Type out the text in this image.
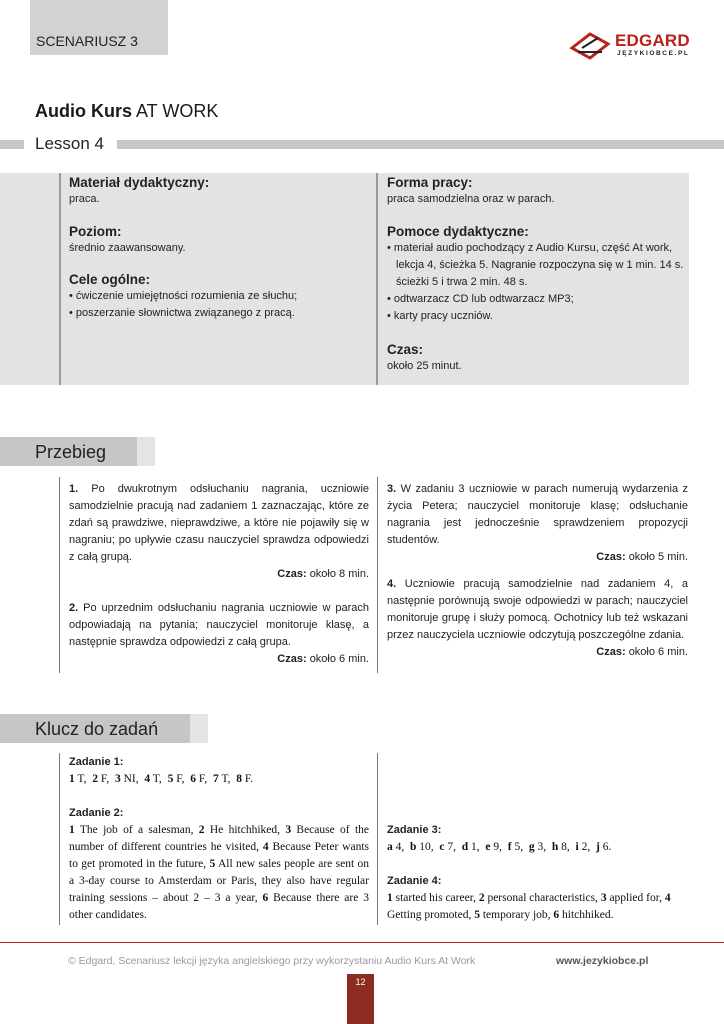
SCENARIUSZ 3	EDGARD
JĘZYKIOBCE.PL
Audio Kurs AT WORK
Lesson 4
Materiał dydaktyczny:
praca.
Poziom:
średnio zaawansowany.
Cele ogólne:
• ćwiczenie umiejętności rozumienia ze słuchu;
• poszerzanie słownictwa związanego z pracą.
Forma pracy:
praca samodzielna oraz w parach.
Pomoce dydaktyczne:
• materiał audio pochodzący z Audio Kursu, część At work,
lekcja 4, ścieżka 5. Nagranie rozpoczyna się w 1 min. 14 s.
ścieżki 5 i trwa 2 min. 48 s.
• odtwarzacz CD lub odtwarzacz MP3;
• karty pracy uczniów.
Czas:
około 25 minut.
Przebieg
1. Po dwukrotnym odsłuchaniu nagrania, uczniowie samodzielnie pracują nad zadaniem 1 zaznaczając, które ze zdań są prawdziwe, nieprawdziwe, a które nie pojawiły się w nagraniu; po upływie czasu nauczyciel sprawdza odpowiedzi z całą grupą.
Czas: około 8 min.
2. Po uprzednim odsłuchaniu nagrania uczniowie w parach odpowiadają na pytania; nauczyciel monitoruje klasę, a następnie sprawdza odpowiedzi z całą grupa.
Czas: około 6 min.
3. W zadaniu 3 uczniowie w parach numerują wydarzenia z życia Petera; nauczyciel monitoruje klasę; odsłuchanie nagrania jest jednocześnie sprawdzeniem propozycji studentów.
Czas: około 5 min.
4. Uczniowie pracują samodzielnie nad zadaniem 4, a następnie porównują swoje odpowiedzi w parach; nauczyciel monitoruje grupę i służy pomocą. Ochotnicy lub też wskazani przez nauczyciela uczniowie odczytują poszczególne zdania.
Czas: około 6 min.
Klucz do zadań
Zadanie 1:
1 T,  2 F,  3 NI,  4 T,  5 F,  6 F,  7 T,  8 F.
Zadanie 2:
1 The job of a salesman, 2 He hitchhiked, 3 Because of the number of different countries he visited, 4 Because Peter wants to get promoted in the future, 5 All new sales people are sent on a 3-day course to Amsterdam or Paris, they also have regular training sessions – about 2 – 3 a year, 6 Because there are 3 other candidates.
Zadanie 3:
a 4,  b 10,  c 7,  d 1,  e 9,  f 5,  g 3,  h 8,  i 2,  j 6.
Zadanie 4:
1 started his career, 2 personal characteristics, 3 applied for, 4 Getting promoted, 5 temporary job, 6 hitchhiked.
© Edgard, Scenariusz lekcji języka angielskiego przy wykorzystaniu Audio Kurs At Work	www.jezykiobce.pl
12
